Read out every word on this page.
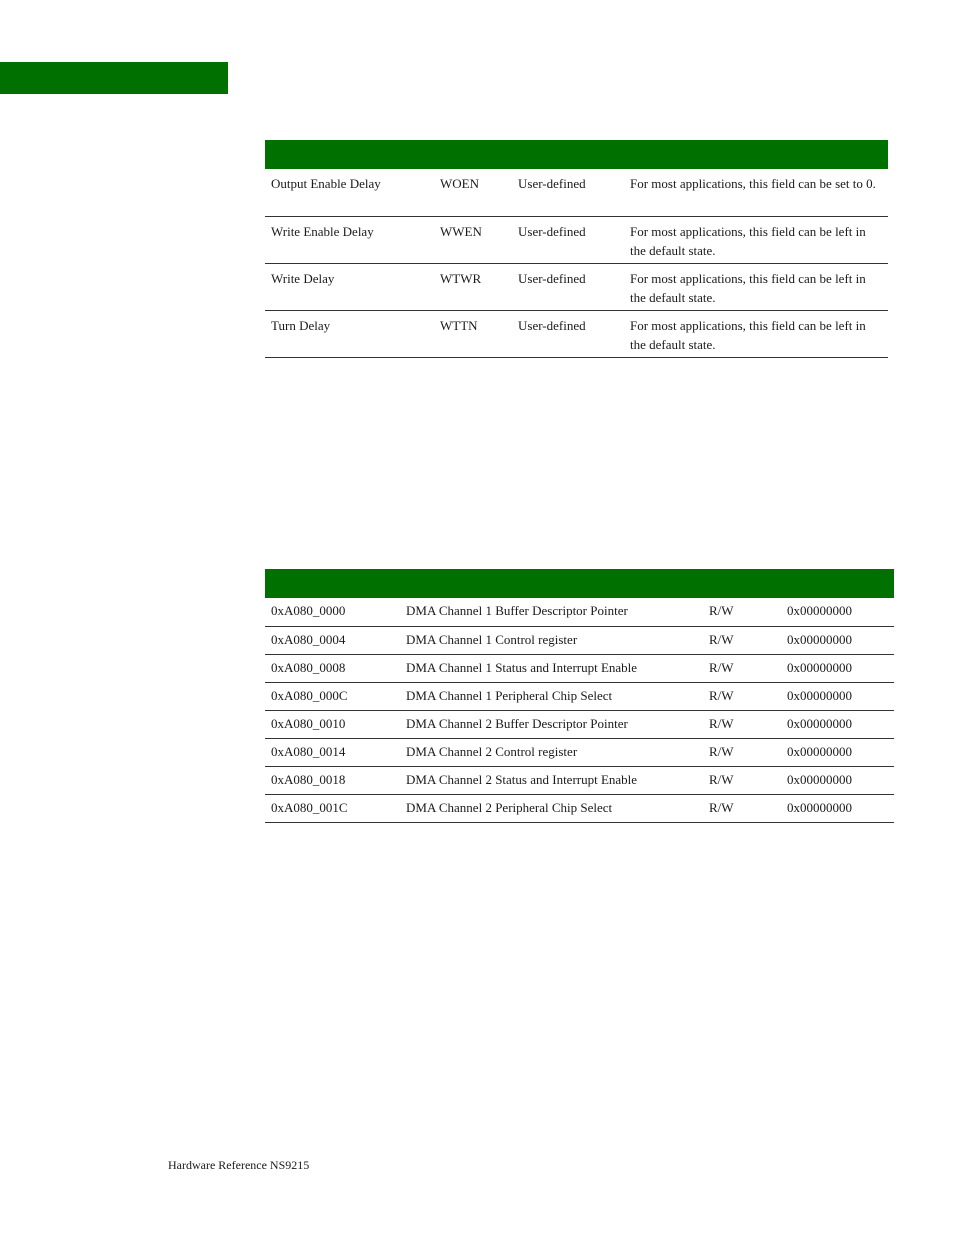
Output Enable Delay	WOEN	User-defined	For most applications, this field can be set to 0.
Write Enable Delay	WWEN	User-defined	For most applications, this field can be left in the default state.
Write Delay	WTWR	User-defined	For most applications, this field can be left in the default state.
Turn Delay	WTTN	User-defined	For most applications, this field can be left in the default state.

0xA080_0000	DMA Channel 1 Buffer Descriptor Pointer	R/W	0x00000000
0xA080_0004	DMA Channel 1 Control register	R/W	0x00000000
0xA080_0008	DMA Channel 1 Status and Interrupt Enable	R/W	0x00000000
0xA080_000C	DMA Channel 1 Peripheral Chip Select	R/W	0x00000000
0xA080_0010	DMA Channel 2 Buffer Descriptor Pointer	R/W	0x00000000
0xA080_0014	DMA Channel 2 Control register	R/W	0x00000000
0xA080_0018	DMA Channel 2 Status and Interrupt Enable	R/W	0x00000000
0xA080_001C	DMA Channel 2 Peripheral Chip Select	R/W	0x00000000
Hardware Reference NS9215
